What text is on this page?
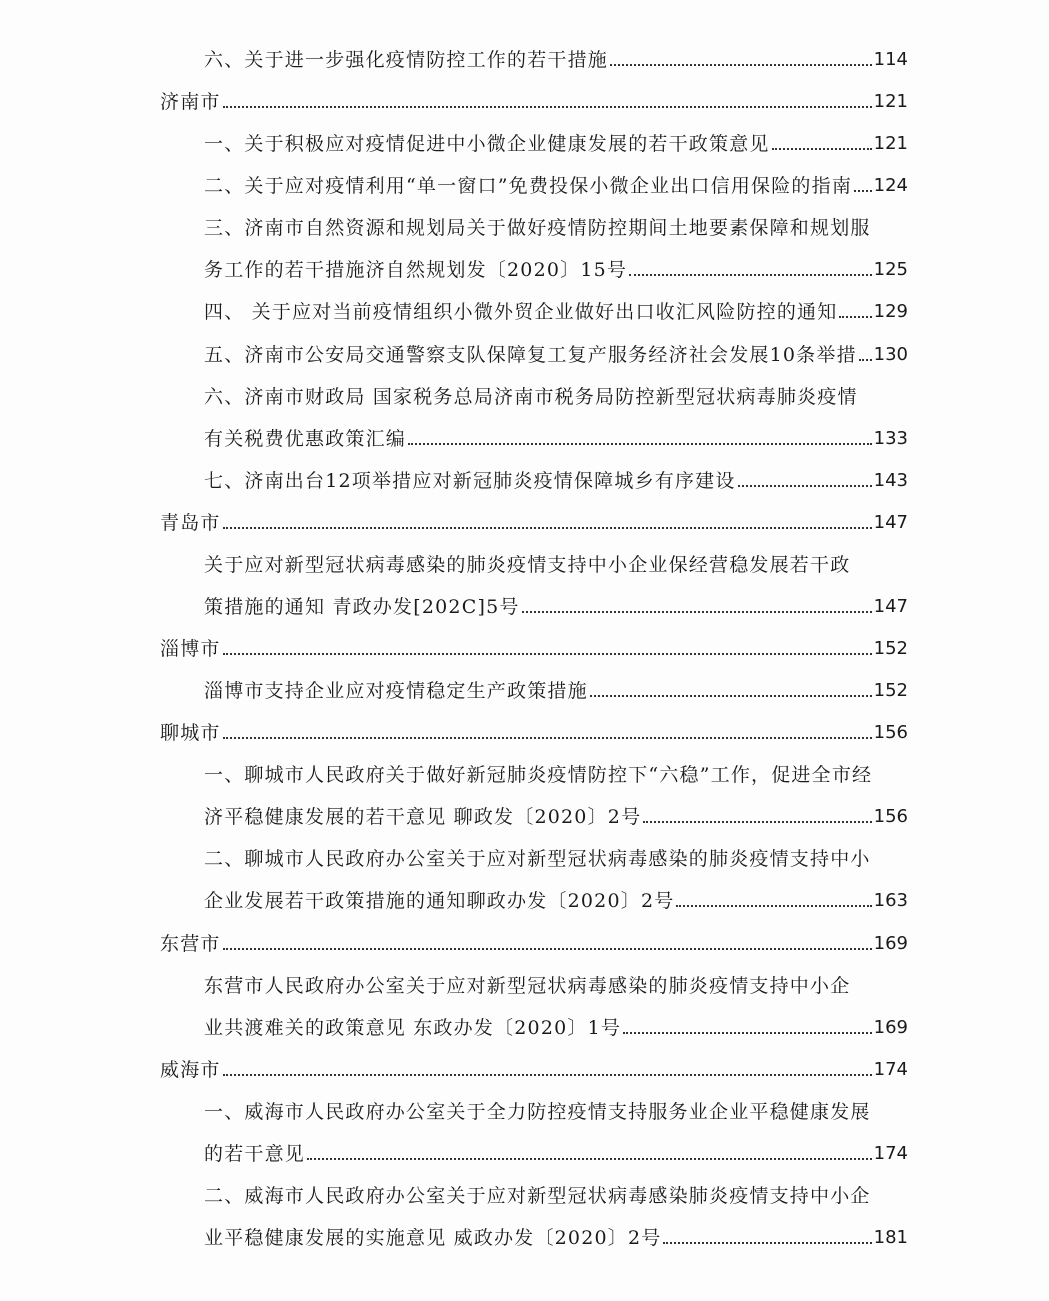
六、关于进一步强化疫情防控工作的若干措施	114
济南市	121
一、关于积极应对疫情促进中小微企业健康发展的若干政策意见	121
二、关于应对疫情利用“单一窗口”免费投保小微企业出口信用保险的指南 124
三、济南市自然资源和规划局关于做好疫情防控期间土地要素保障和规划服
务工作的若干措施济自然规划发〔2020〕15号	125
四、 关于应对当前疫情组织小微外贸企业做好出口收汇风险防控的通知 129
五、济南市公安局交通警察支队保障复工复产服务经济社会发展10条举措 130
六、济南市财政局 国家税务总局济南市税务局防控新型冠状病毒肺炎疫情
有关税费优惠政策汇编	133
七、济南出台12项举措应对新冠肺炎疫情保障城乡有序建设	143
青岛市	147
关于应对新型冠状病毒感染的肺炎疫情支持中小企业保经营稳发展若干政
策措施的通知 青政办发[202C]5号	147
淄博市	152
淄博市支持企业应对疫情稳定生产政策措施	152
聊城市	156
一、聊城市人民政府关于做好新冠肺炎疫情防控下“六稳”工作，促进全市经
济平稳健康发展的若干意见 聊政发〔2020〕2号	156
二、聊城市人民政府办公室关于应对新型冠状病毒感染的肺炎疫情支持中小
企业发展若干政策措施的通知聊政办发〔2020〕2号	163
东营市	169
东营市人民政府办公室关于应对新型冠状病毒感染的肺炎疫情支持中小企
业共渡难关的政策意见 东政办发〔2020〕1号	169
威海市	174
一、威海市人民政府办公室关于全力防控疫情支持服务业企业平稳健康发展
的若干意见	174
二、威海市人民政府办公室关于应对新型冠状病毒感染肺炎疫情支持中小企
业平稳健康发展的实施意见 威政办发〔2020〕2号	181
